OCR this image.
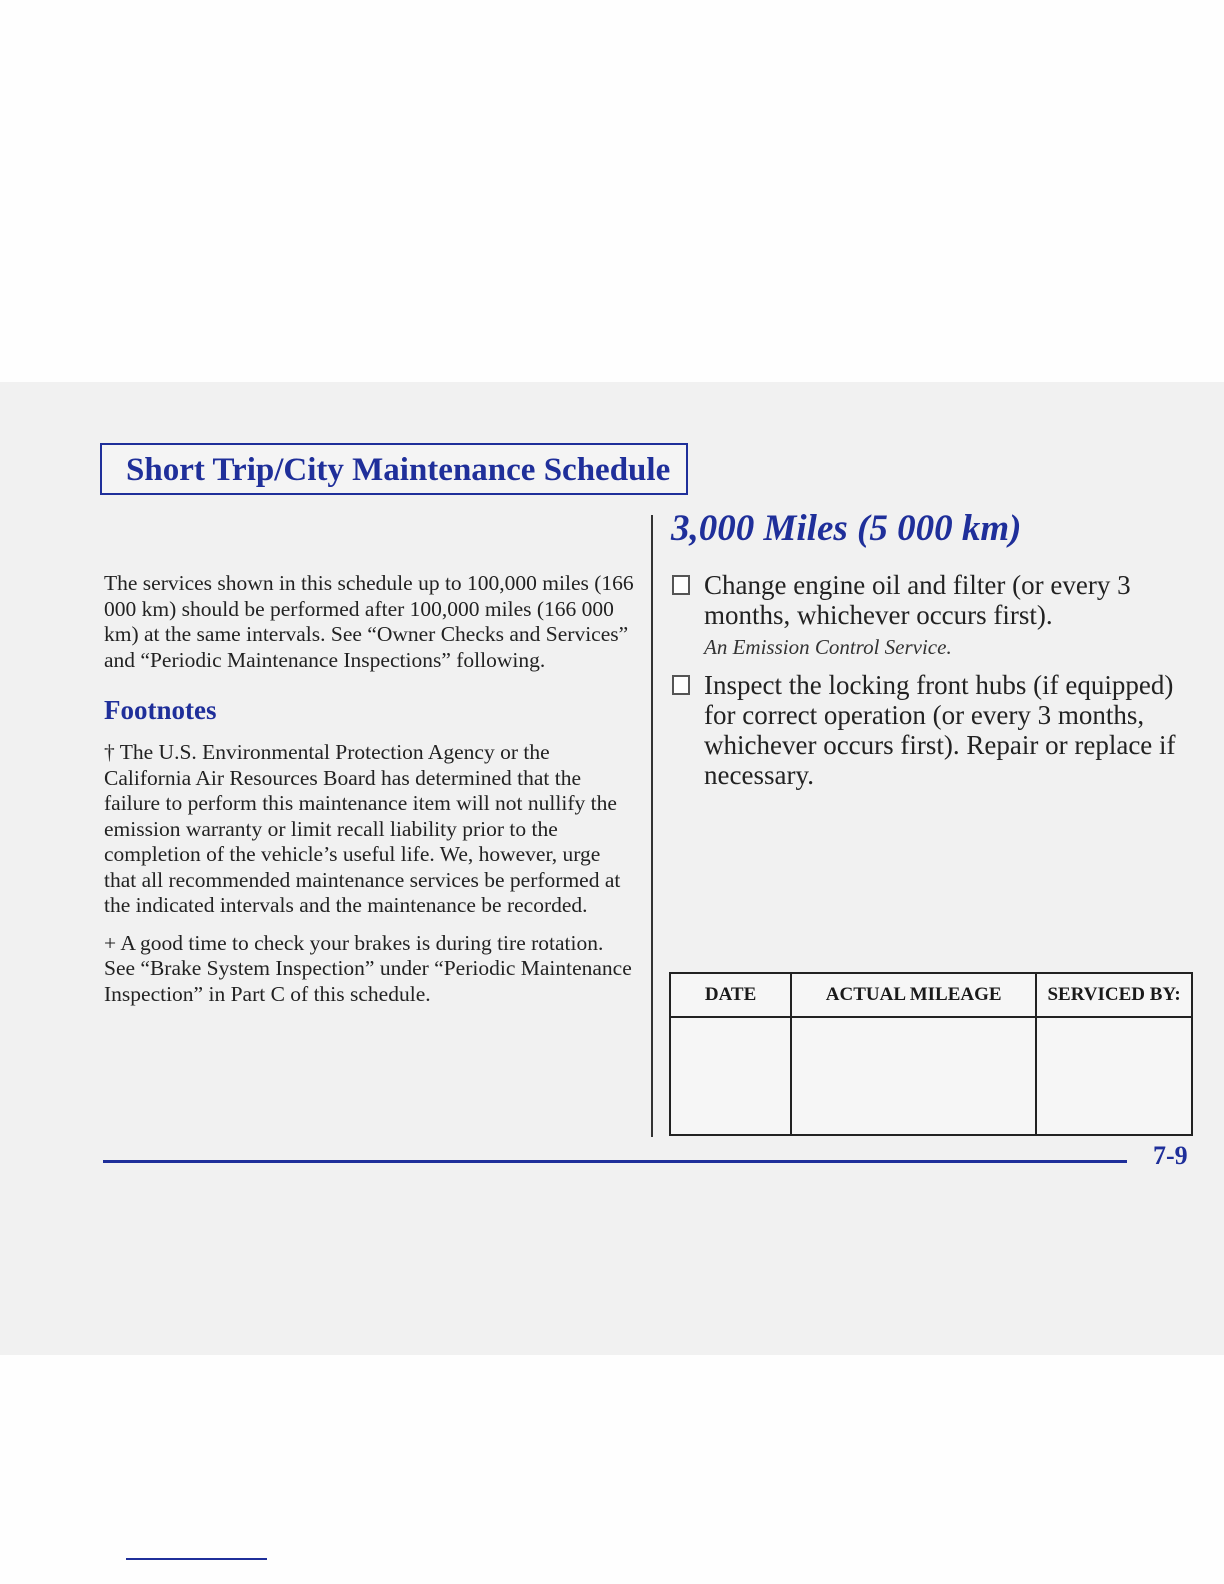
Short Trip/City Maintenance Schedule

The services shown in this schedule up to 100,000 miles (166 000 km) should be performed after 100,000 miles (166 000 km) at the same intervals. See “Owner Checks and Services” and “Periodic Maintenance Inspections” following.

Footnotes

† The U.S. Environmental Protection Agency or the California Air Resources Board has determined that the failure to perform this maintenance item will not nullify the emission warranty or limit recall liability prior to the completion of the vehicle’s useful life. We, however, urge that all recommended maintenance services be performed at the indicated intervals and the maintenance be recorded.

+ A good time to check your brakes is during tire rotation. See “Brake System Inspection” under “Periodic Maintenance Inspection” in Part C of this schedule.

3,000 Miles (5 000 km)
Change engine oil and filter (or every 3 months, whichever occurs first).
An Emission Control Service.
Inspect the locking front hubs (if equipped) for correct operation (or every 3 months, whichever occurs first). Repair or replace if necessary.
DATE	ACTUAL MILEAGE	SERVICED BY:

7-9
